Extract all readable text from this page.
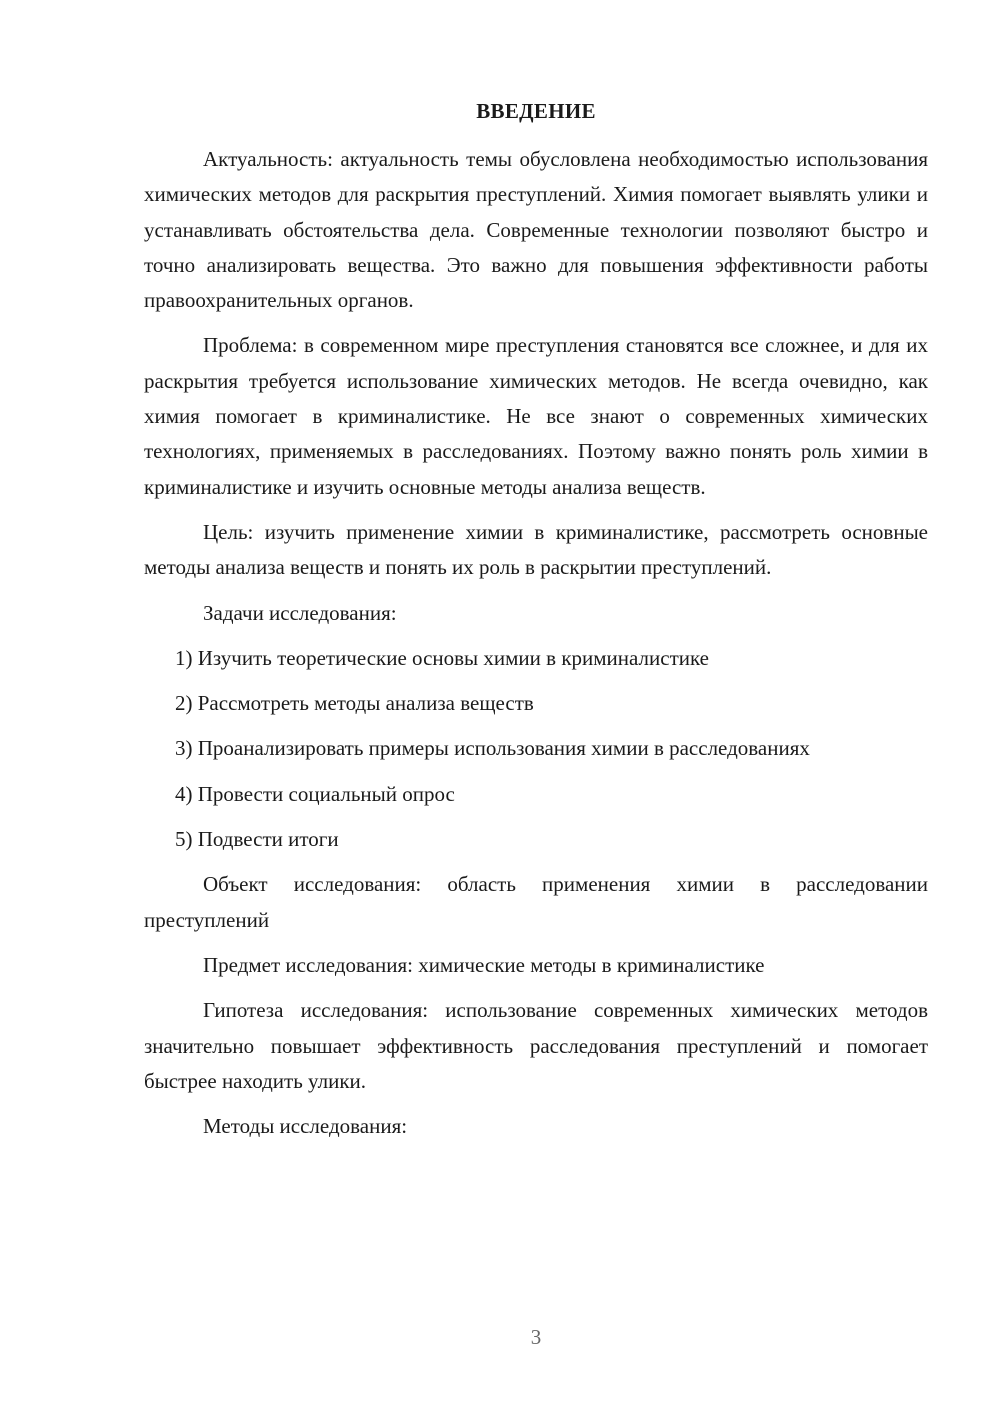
ВВЕДЕНИЕ

Актуальность: актуальность темы обусловлена необходимостью использования химических методов для раскрытия преступлений. Химия помогает выявлять улики и устанавливать обстоятельства дела. Современные технологии позволяют быстро и точно анализировать вещества. Это важно для повышения эффективности работы правоохранительных органов.

Проблема: в современном мире преступления становятся все сложнее, и для их раскрытия требуется использование химических методов. Не всегда очевидно, как химия помогает в криминалистике. Не все знают о современных химических технологиях, применяемых в расследованиях. Поэтому важно понять роль химии в криминалистике и изучить основные методы анализа веществ.

Цель: изучить применение химии в криминалистике, рассмотреть основные методы анализа веществ и понять их роль в раскрытии преступлений.

Задачи исследования:

1) Изучить теоретические основы химии в криминалистике

2) Рассмотреть методы анализа веществ

3) Проанализировать примеры использования химии в расследованиях

4) Провести социальный опрос

5) Подвести итоги

Объект исследования: область применения химии в расследовании преступлений

Предмет исследования: химические методы в криминалистике

Гипотеза исследования: использование современных химических методов значительно повышает эффективность расследования преступлений и помогает быстрее находить улики.

Методы исследования:

3
